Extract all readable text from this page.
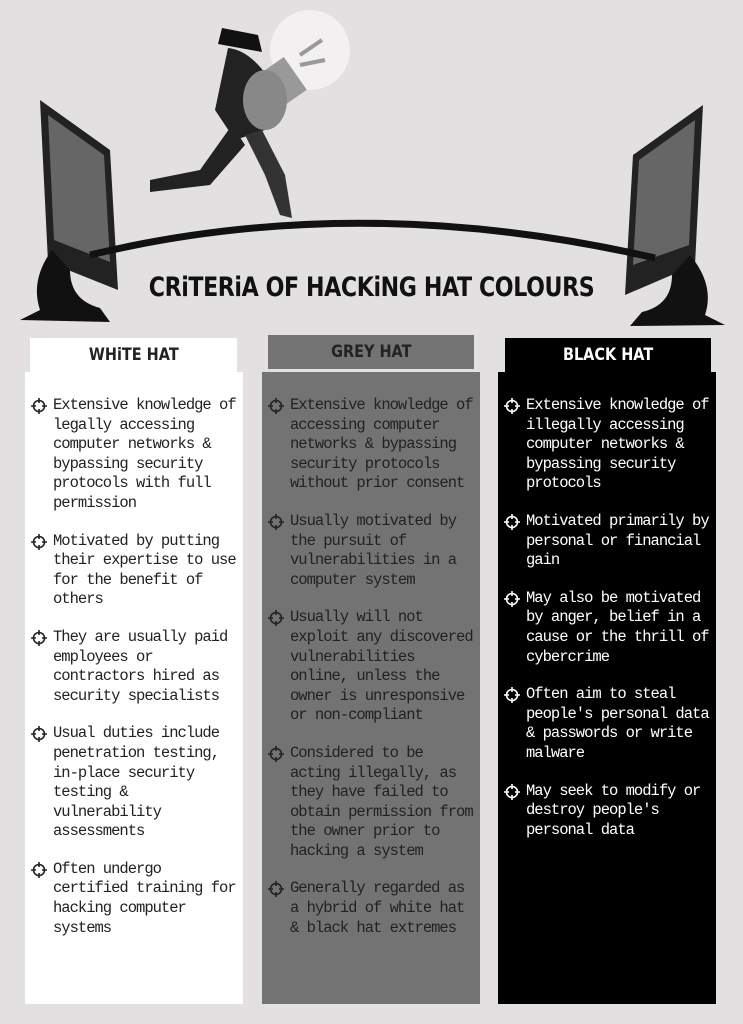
CRiTERiA OF HACKiNG HAT COLOURS
WHiTE HAT	GREY HAT	BLACK HAT
Extensive knowledge of legally accessing computer networks & bypassing security protocols with full permission
Motivated by putting their expertise to use for the benefit of others
They are usually paid employees or contractors hired as security specialists
Usual duties include penetration testing, in-place security testing & vulnerability assessments
Often undergo certified training for hacking computer systems
Extensive knowledge of accessing computer networks & bypassing security protocols without prior consent
Usually motivated by the pursuit of vulnerabilities in a computer system
Usually will not exploit any discovered vulnerabilities online, unless the owner is unresponsive or non-compliant
Considered to be acting illegally, as they have failed to obtain permission from the owner prior to hacking a system
Generally regarded as a hybrid of white hat & black hat extremes
Extensive knowledge of illegally accessing computer networks & bypassing security protocols
Motivated primarily by personal or financial gain
May also be motivated by anger, belief in a cause or the thrill of cybercrime
Often aim to steal people's personal data & passwords or write malware
May seek to modify or destroy people's personal data
